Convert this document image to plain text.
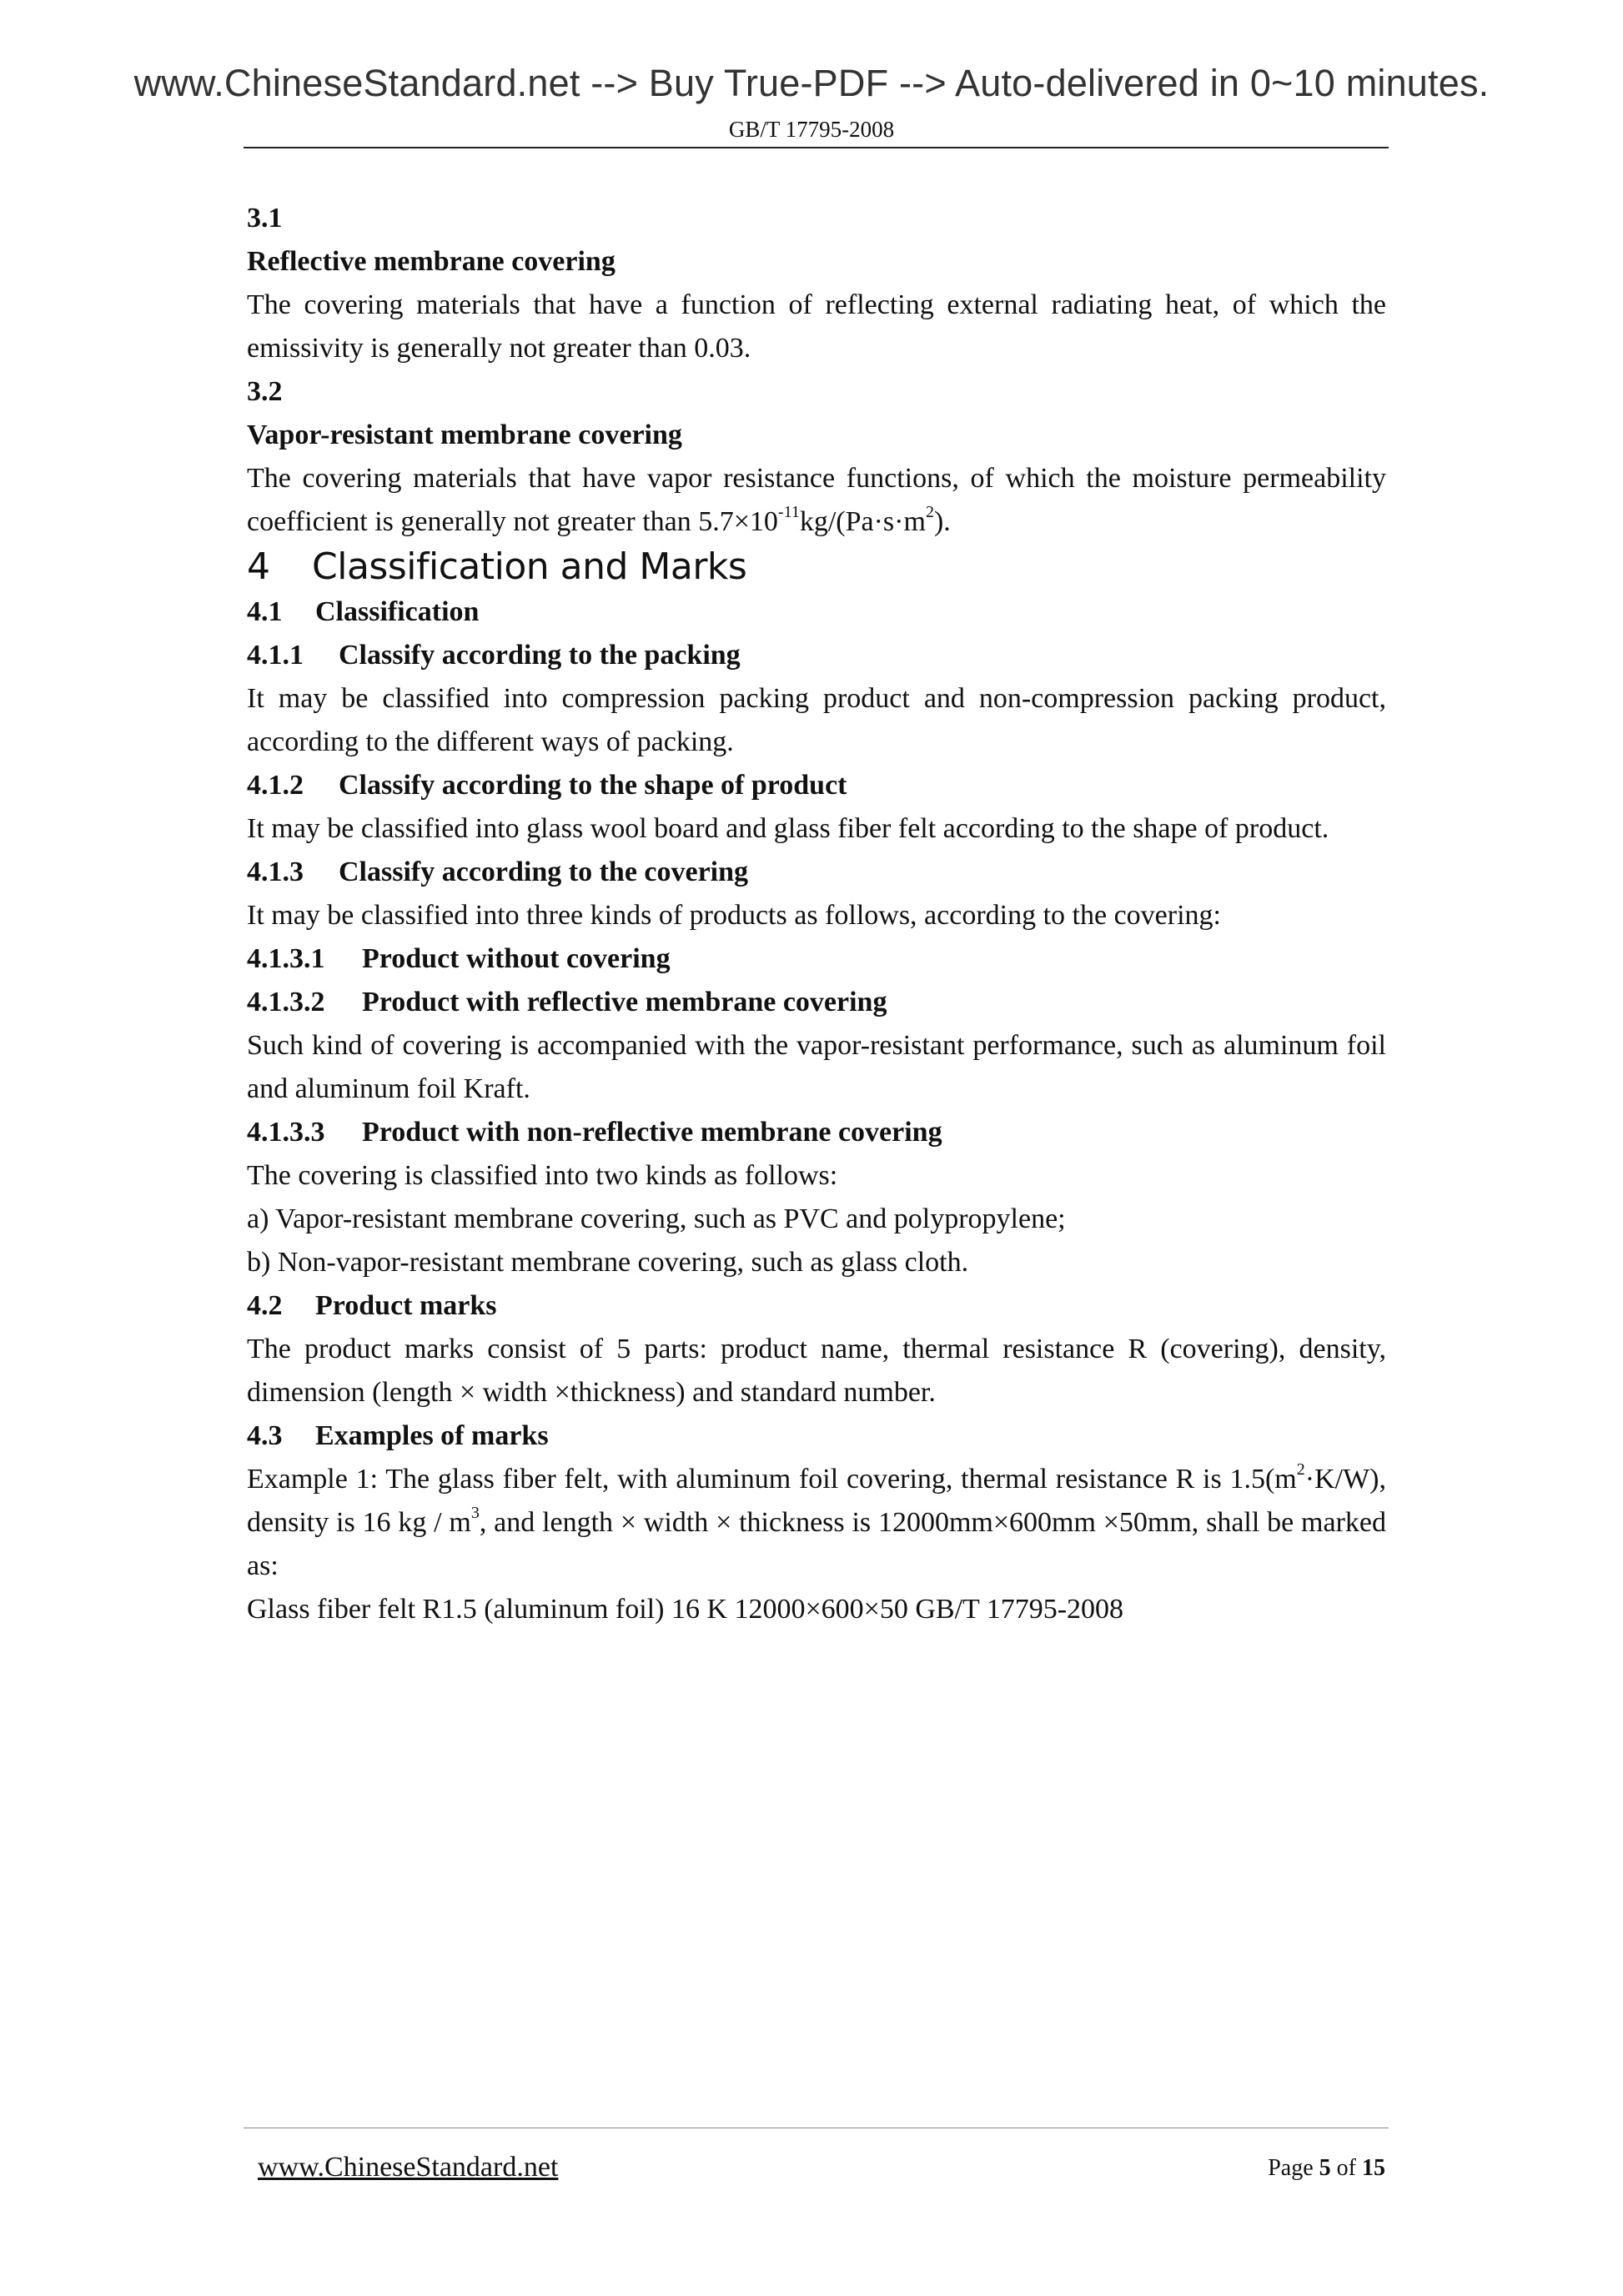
www.ChineseStandard.net --> Buy True-PDF --> Auto-delivered in 0~10 minutes.
GB/T 17795-2008

3.1

Reflective membrane covering

The covering materials that have a function of reflecting external radiating heat, of which the emissivity is generally not greater than 0.03.

3.2

Vapor-resistant membrane covering

The covering materials that have vapor resistance functions, of which the moisture permeability coefficient is generally not greater than $5.7\times 10^{-11}kg/(Pa\cdot s\cdot m^2)$.

4 Classification and Marks

4.1 Classification

4.1.1 Classify according to the packing

It may be classified into compression packing product and non-compression packing product, according to the different ways of packing.

4.1.2 Classify according to the shape of product

It may be classified into glass wool board and glass fiber felt according to the shape of product.

4.1.3 Classify according to the covering

It may be classified into three kinds of products as follows, according to the covering:

4.1.3.1 Product without covering

4.1.3.2 Product with reflective membrane covering

Such kind of covering is accompanied with the vapor-resistant performance, such as aluminum foil and aluminum foil Kraft.

4.1.3.3 Product with non-reflective membrane covering

The covering is classified into two kinds as follows:

a) Vapor-resistant membrane covering, such as PVC and polypropylene;

b) Non-vapor-resistant membrane covering, such as glass cloth.

4.2 Product marks

The product marks consist of 5 parts: product name, thermal resistance R (covering), density, dimension (length × width ×thickness) and standard number.

4.3 Examples of marks

Example 1: The glass fiber felt, with aluminum foil covering, thermal resistance R is $1.5(m^2\cdot K/W)$, density is 16 kg / $m^3$, and length × width × thickness is 12000mm×600mm ×50mm, shall be marked as:

Glass fiber felt R1.5 (aluminum foil) 16 K 12000×600×50 GB/T 17795-2008

www.ChineseStandard.net	Page 5 of 15
